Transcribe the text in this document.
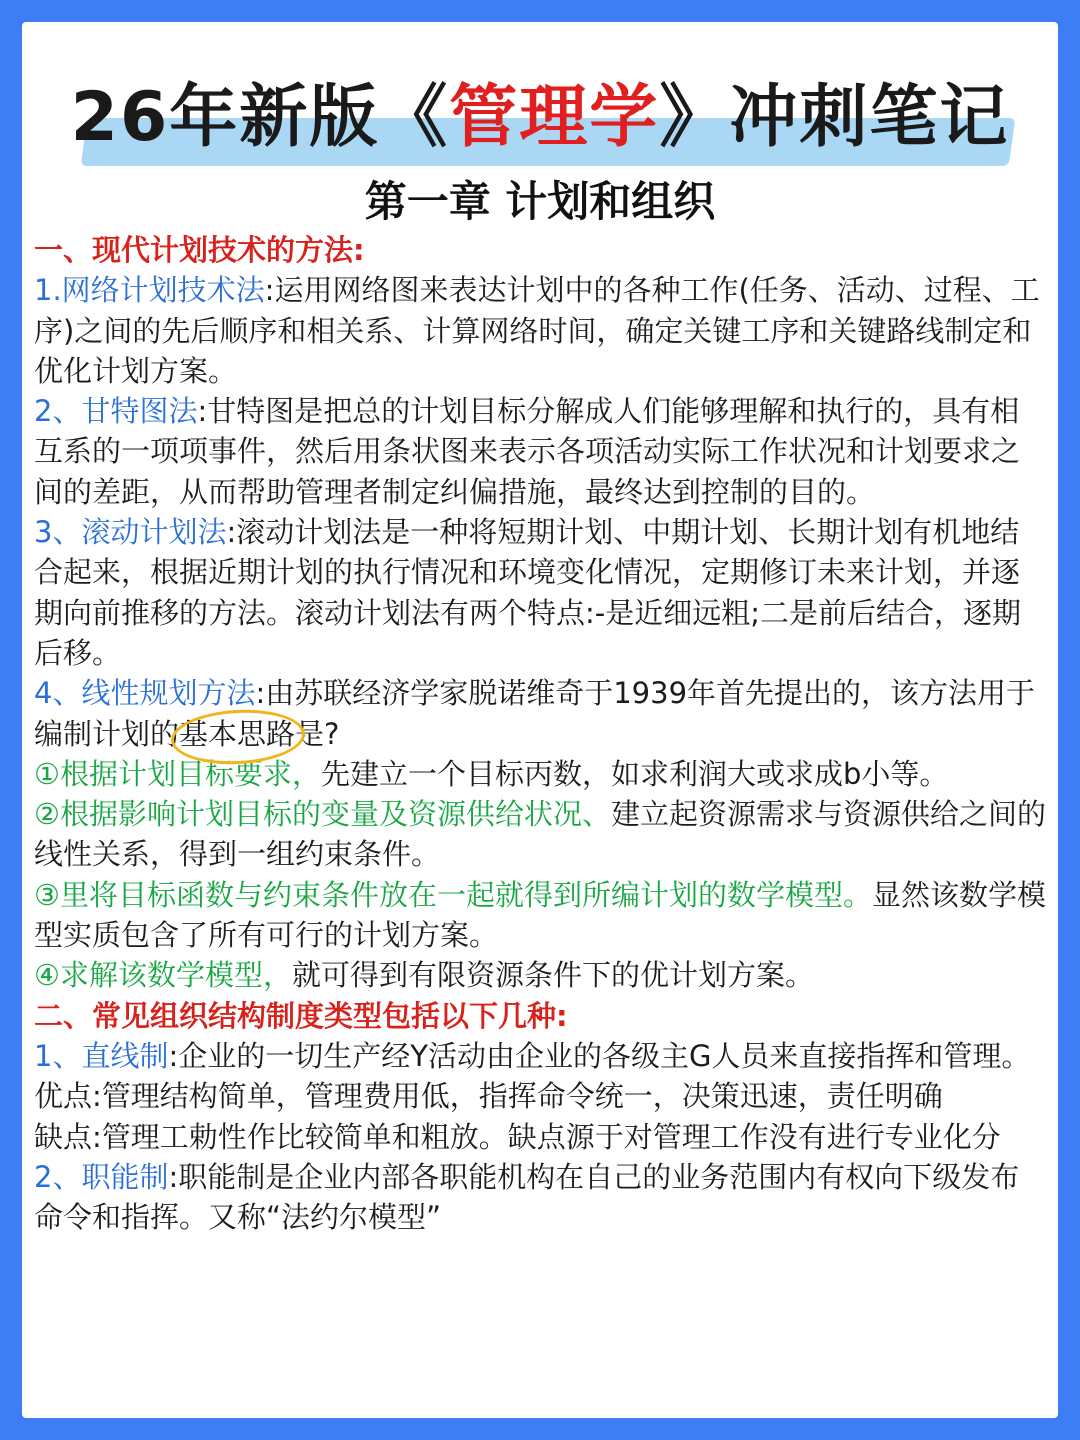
26年新版《管理学》冲刺笔记
第一章 计划和组织

一、现代计划技术的方法:

1.网络计划技术法:运用网络图来表达计划中的各种工作(任务、活动、过程、工序)之间的先后顺序和相关系、计算网络时间，确定关键工序和关键路线制定和优化计划方案。

2、甘特图法:甘特图是把总的计划目标分解成人们能够理解和执行的，具有相互系的一项项事件，然后用条状图来表示各项活动实际工作状况和计划要求之间的差距，从而帮助管理者制定纠偏措施，最终达到控制的目的。

3、滚动计划法:滚动计划法是一种将短期计划、中期计划、长期计划有机地结合起来，根据近期计划的执行情况和环境变化情况，定期修订未来计划，并逐期向前推移的方法。滚动计划法有两个特点:-是近细远粗;二是前后结合，逐期后移。

4、线性规划方法:由苏联经济学家脱诺维奇于1939年首先提出的，该方法用于编制计划的基本思路是?

①根据计划目标要求，先建立一个目标丙数，如求利润大或求成b小等。

②根据影响计划目标的变量及资源供给状况、建立起资源需求与资源供给之间的线性关系，得到一组约束条件。

③里将目标函数与约束条件放在一起就得到所编计划的数学模型。显然该数学模型实质包含了所有可行的计划方案。

④求解该数学模型，就可得到有限资源条件下的优计划方案。

二、常见组织结构制度类型包括以下几种:

1、直线制:企业的一切生产经Y活动由企业的各级主G人员来直接指挥和管理。

优点:管理结构简单，管理费用低，指挥命令统一，决策迅速，责任明确

缺点:管理工勅性作比较简单和粗放。缺点源于对管理工作没有进行专业化分

2、职能制:职能制是企业内部各职能机构在自己的业务范围内有权向下级发布命令和指挥。又称“法约尔模型”
